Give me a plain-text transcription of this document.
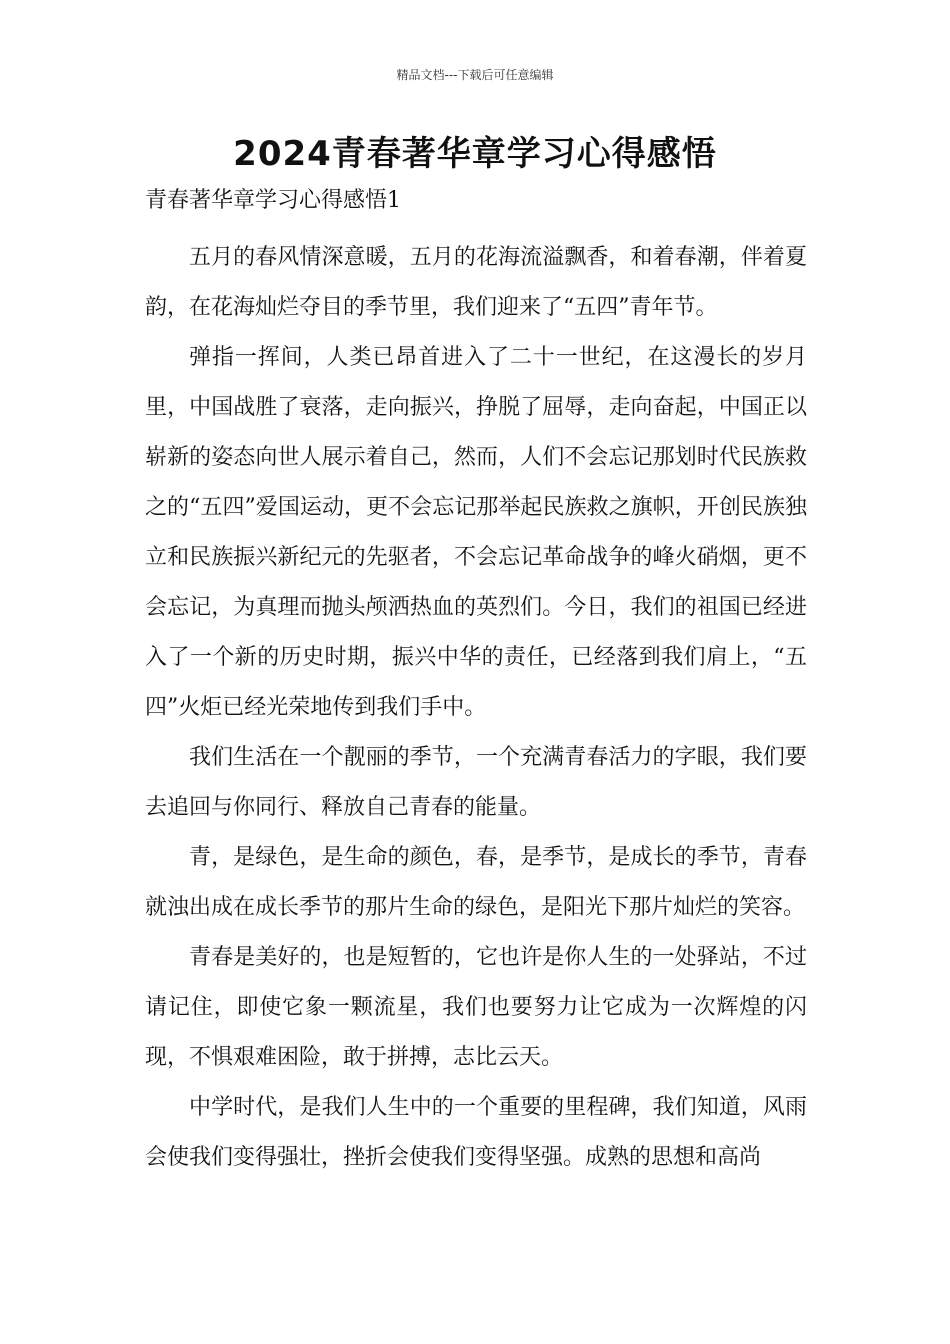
精品文档---下载后可任意编辑
2024青春著华章学习心得感悟

青春著华章学习心得感悟1

五月的春风情深意暖，五月的花海流溢飘香，和着春潮，伴着夏韵，在花海灿烂夺目的季节里，我们迎来了“五四”青年节。

弹指一挥间，人类已昂首进入了二十一世纪，在这漫长的岁月里，中国战胜了衰落，走向振兴，挣脱了屈辱，走向奋起，中国正以崭新的姿态向世人展示着自己，然而，人们不会忘记那划时代民族救之的“五四”爱国运动，更不会忘记那举起民族救之旗帜，开创民族独立和民族振兴新纪元的先驱者，不会忘记革命战争的峰火硝烟，更不会忘记，为真理而抛头颅洒热血的英烈们。今日，我们的祖国已经进入了一个新的历史时期，振兴中华的责任，已经落到我们肩上，“五四”火炬已经光荣地传到我们手中。

我们生活在一个靓丽的季节，一个充满青春活力的字眼，我们要去追回与你同行、释放自己青春的能量。

青，是绿色，是生命的颜色，春，是季节，是成长的季节，青春就浊出成在成长季节的那片生命的绿色，是阳光下那片灿烂的笑容。

青春是美好的，也是短暂的，它也许是你人生的一处驿站，不过请记住，即使它象一颗流星，我们也要努力让它成为一次辉煌的闪现，不惧艰难困险，敢于拼搏，志比云天。

中学时代，是我们人生中的一个重要的里程碑，我们知道，风雨会使我们变得强壮，挫折会使我们变得坚强。成熟的思想和高尚
